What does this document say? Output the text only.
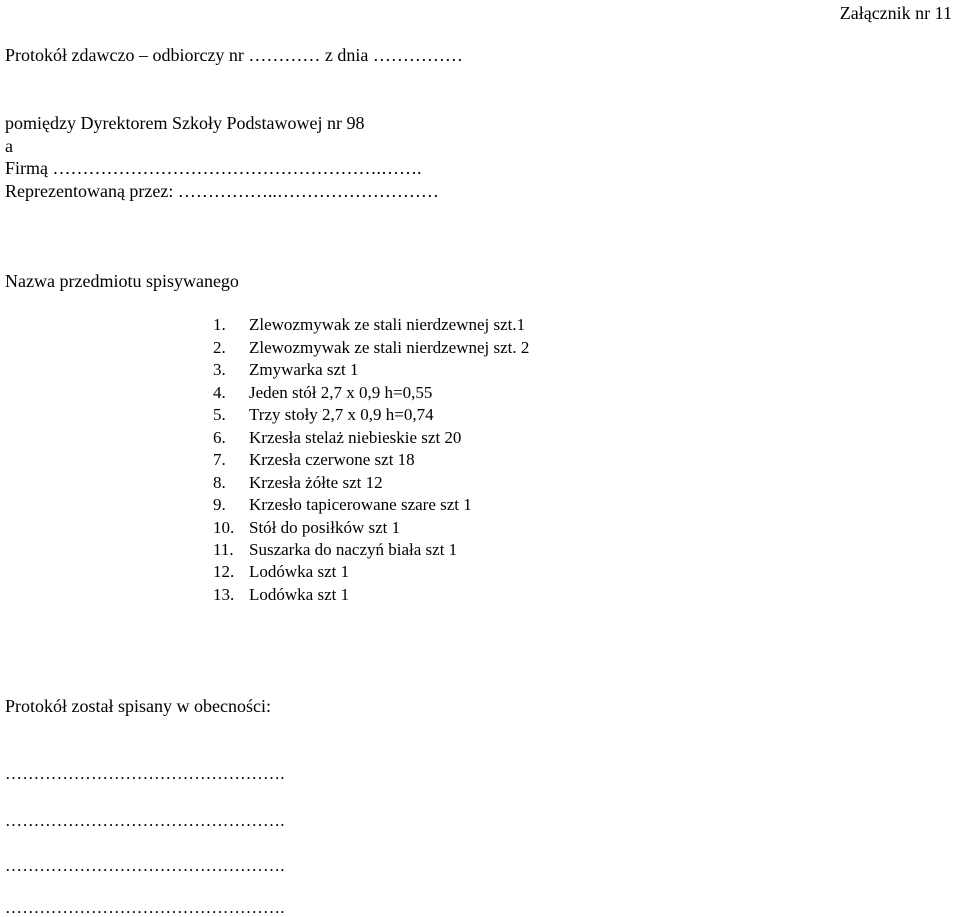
Załącznik nr 11
Protokół zdawczo – odbiorczy nr ………… z dnia ……………
pomiędzy Dyrektorem Szkoły Podstawowej nr 98
a
Firmą ……………………………………………….…….
Reprezentowaną przez: ……………..………………………
Nazwa przedmiotu spisywanego
1. Zlewozmywak ze stali nierdzewnej szt.1
2. Zlewozmywak ze stali nierdzewnej szt. 2
3. Zmywarka szt 1
4. Jeden stół 2,7 x 0,9 h=0,55
5. Trzy stoły 2,7 x 0,9 h=0,74
6. Krzesła stelaż niebieskie szt 20
7. Krzesła czerwone szt 18
8. Krzesła żółte szt 12
9. Krzesło tapicerowane szare szt 1
10. Stół do posiłków szt 1
11. Suszarka do naczyń biała szt 1
12. Lodówka szt 1
13. Lodówka szt 1
Protokół został spisany w obecności:
………………………………………….
………………………………………….
………………………………………….
………………………………………….
